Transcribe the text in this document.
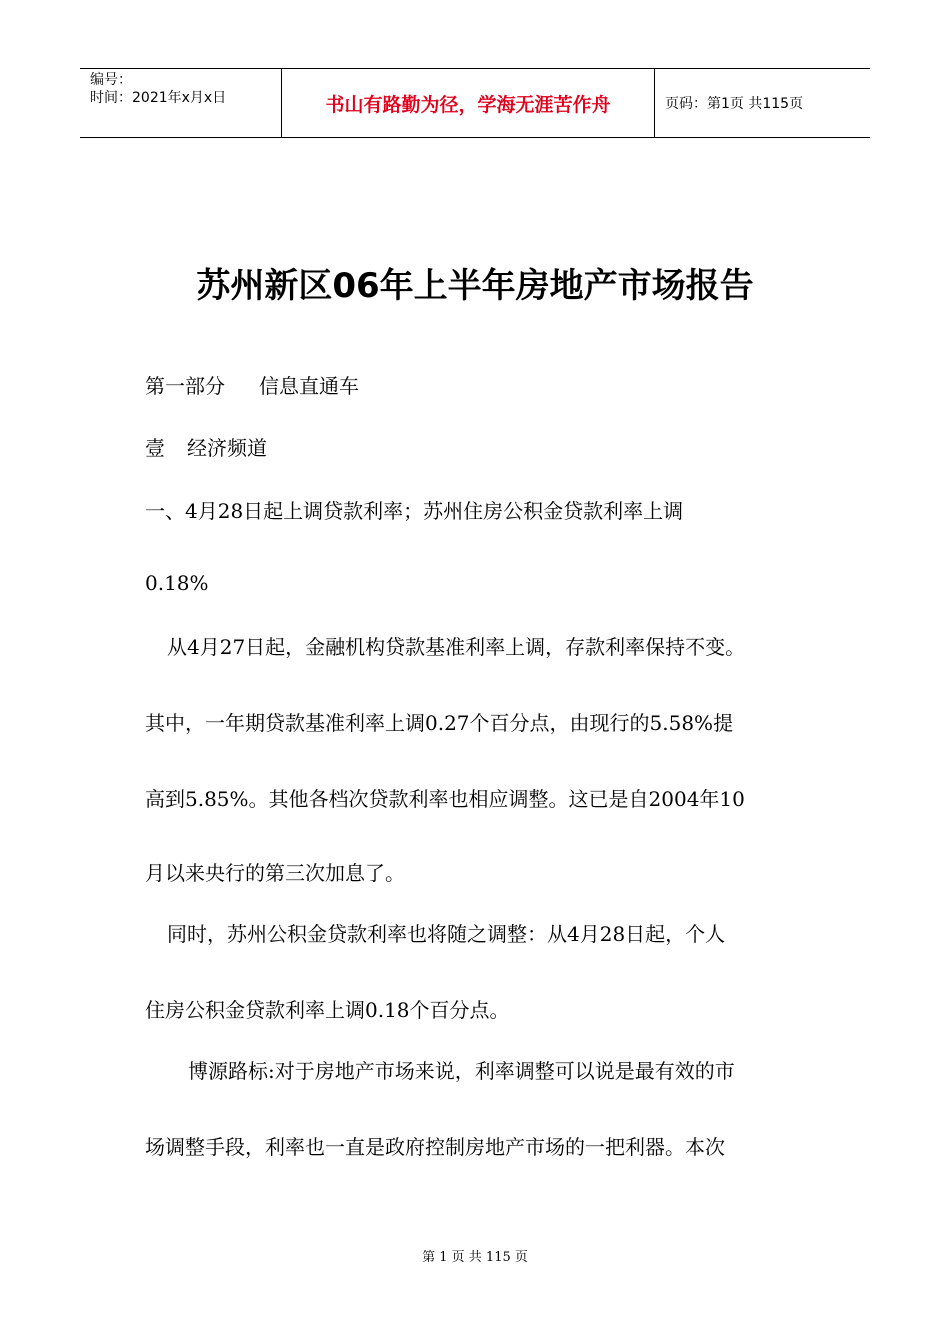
编号：
时间：2021年x月x日	书山有路勤为径，学海无涯苦作舟	页码：第1页 共115页
苏州新区06年上半年房地产市场报告
第一部分 信息直通车
壹 经济频道
一、4月28日起上调贷款利率；苏州住房公积金贷款利率上调
0.18%
从4月27日起，金融机构贷款基准利率上调，存款利率保持不变。
其中，一年期贷款基准利率上调0.27个百分点，由现行的5.58%提
高到5.85%。其他各档次贷款利率也相应调整。这已是自2004年10
月以来央行的第三次加息了。
同时，苏州公积金贷款利率也将随之调整：从4月28日起，个人
住房公积金贷款利率上调0.18个百分点。
博源路标:对于房地产市场来说，利率调整可以说是最有效的市
场调整手段，利率也一直是政府控制房地产市场的一把利器。本次
第 1 页 共 115 页
